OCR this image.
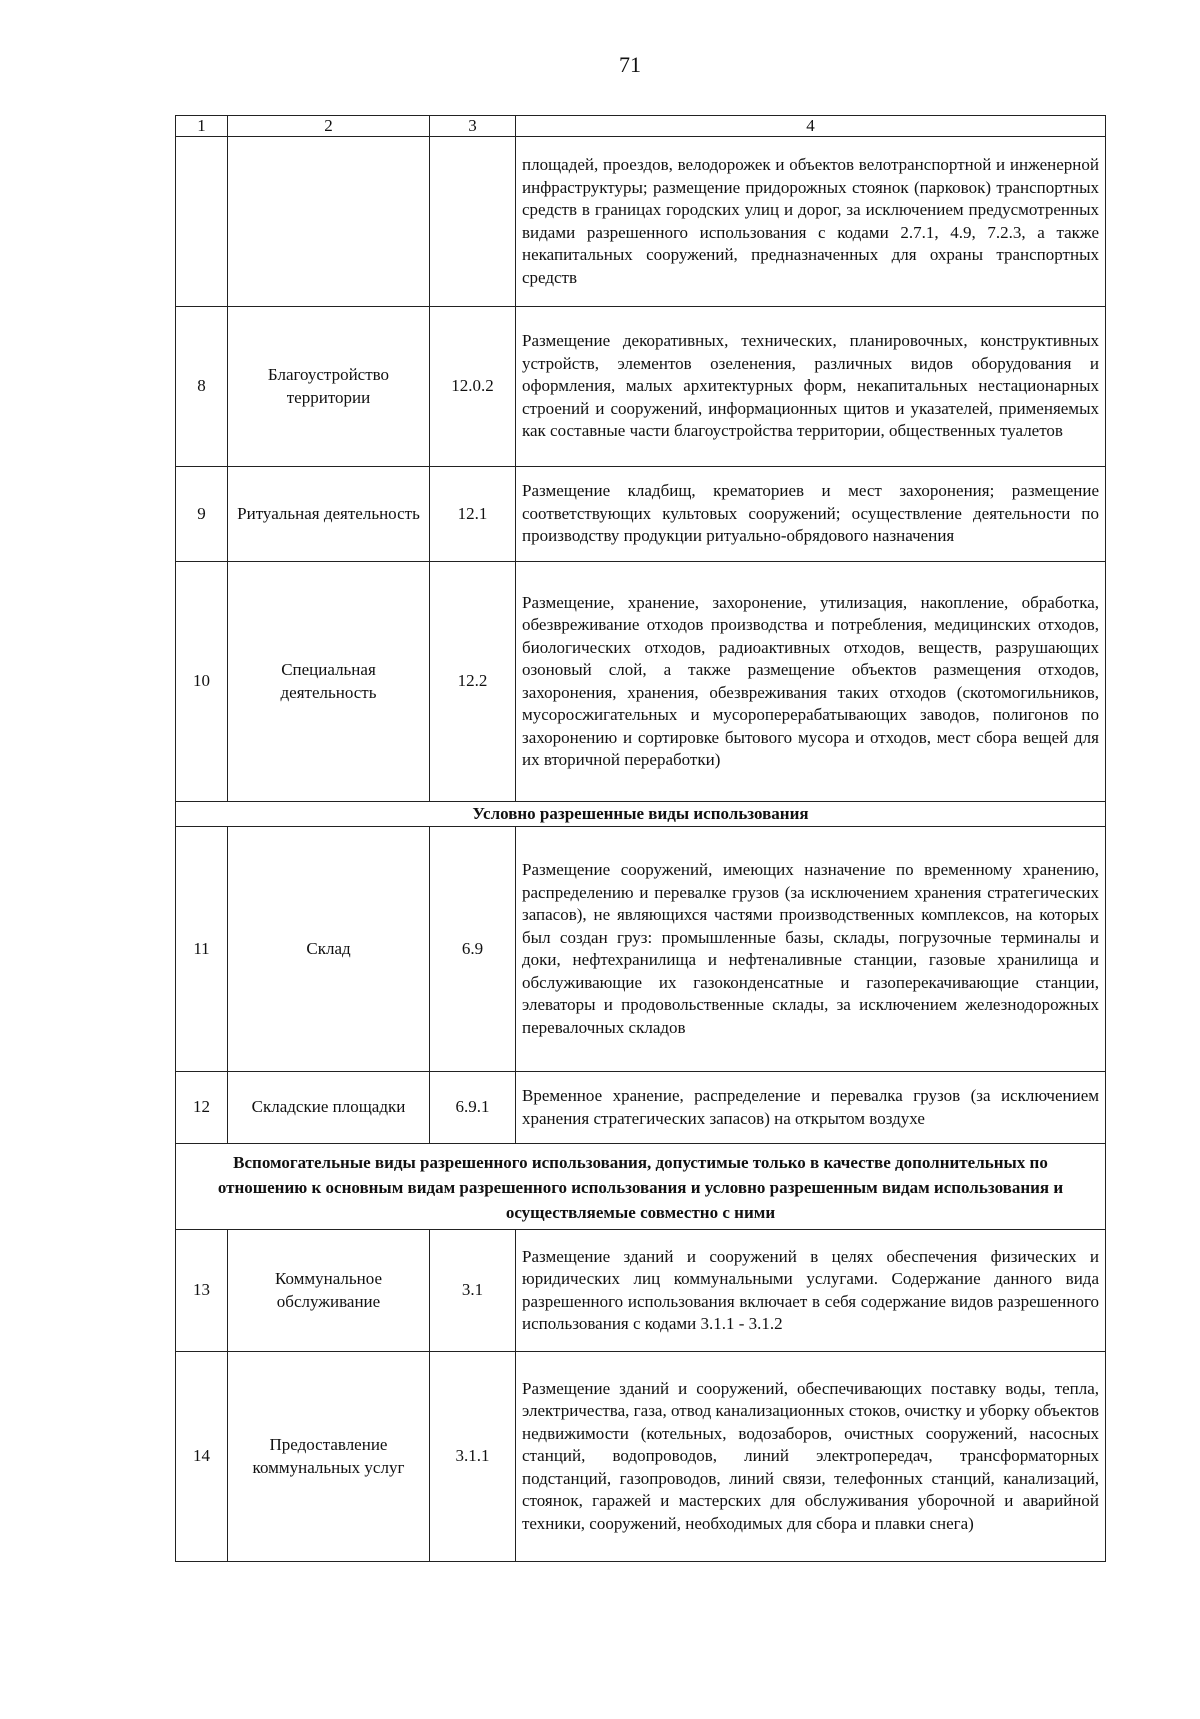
71
1	2	3	4
			площадей, проездов, велодорожек и объектов велотранспортной и инженерной инфраструктуры; размещение придорожных стоянок (парковок) транспортных средств в границах городских улиц и дорог, за исключением предусмотренных видами разрешенного использования с кодами 2.7.1, 4.9, 7.2.3, а также некапитальных сооружений, предназначенных для охраны транспортных средств
8	Благоустройство территории	12.0.2	Размещение декоративных, технических, планировочных, конструктивных устройств, элементов озеленения, различных видов оборудования и оформления, малых архитектурных форм, некапитальных нестационарных строений и сооружений, информационных щитов и указателей, применяемых как составные части благоустройства территории, общественных туалетов
9	Ритуальная деятельность	12.1	Размещение кладбищ, крематориев и мест захоронения; размещение соответствующих культовых сооружений; осуществление деятельности по производству продукции ритуально-обрядового назначения
10	Специальная деятельность	12.2	Размещение, хранение, захоронение, утилизация, накопление, обработка, обезвреживание отходов производства и потребления, медицинских отходов, биологических отходов, радиоактивных отходов, веществ, разрушающих озоновый слой, а также размещение объектов размещения отходов, захоронения, хранения, обезвреживания таких отходов (скотомогильников, мусоросжигательных и мусороперерабатывающих заводов, полигонов по захоронению и сортировке бытового мусора и отходов, мест сбора вещей для их вторичной переработки)
Условно разрешенные виды использования			
11	Склад	6.9	Размещение сооружений, имеющих назначение по временному хранению, распределению и перевалке грузов (за исключением хранения стратегических запасов), не являющихся частями производственных комплексов, на которых был создан груз: промышленные базы, склады, погрузочные терминалы и доки, нефтехранилища и нефтеналивные станции, газовые хранилища и обслуживающие их газоконденсатные и газоперекачивающие станции, элеваторы и продовольственные склады, за исключением железнодорожных перевалочных складов
12	Складские площадки	6.9.1	Временное хранение, распределение и перевалка грузов (за исключением хранения стратегических запасов) на открытом воздухе
Вспомогательные виды разрешенного использования, допустимые только в качестве дополнительных по отношению к основным видам разрешенного использования и условно разрешенным видам использования и осуществляемые совместно с ними			
13	Коммунальное обслуживание	3.1	Размещение зданий и сооружений в целях обеспечения физических и юридических лиц коммунальными услугами. Содержание данного вида разрешенного использования включает в себя содержание видов разрешенного использования с кодами 3.1.1 - 3.1.2
14	Предоставление коммунальных услуг	3.1.1	Размещение зданий и сооружений, обеспечивающих поставку воды, тепла, электричества, газа, отвод канализационных стоков, очистку и уборку объектов недвижимости (котельных, водозаборов, очистных сооружений, насосных станций, водопроводов, линий электропередач, трансформаторных подстанций, газопроводов, линий связи, телефонных станций, канализаций, стоянок, гаражей и мастерских для обслуживания уборочной и аварийной техники, сооружений, необходимых для сбора и плавки снега)
